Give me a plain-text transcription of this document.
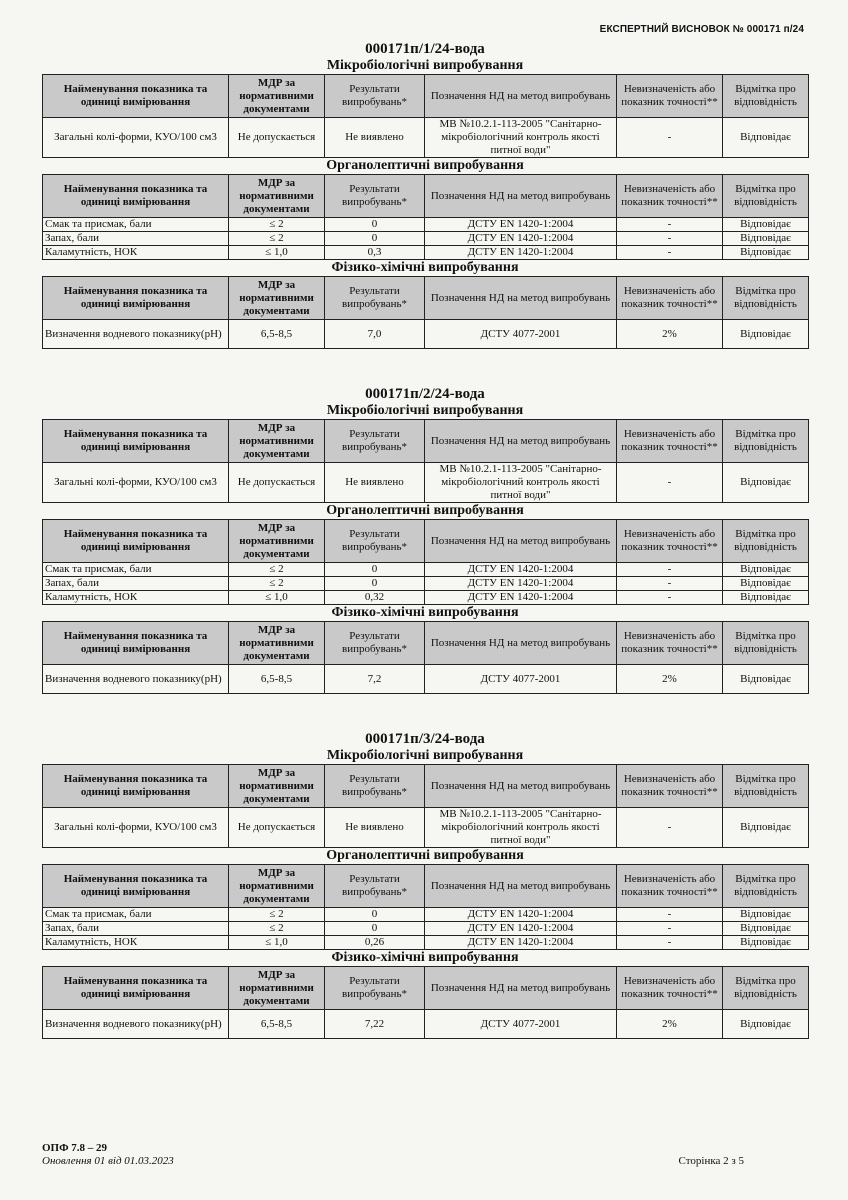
ЕКСПЕРТНИЙ ВИСНОВОК № 000171 п/24
000171п/1/24-вода
Мікробіологічні випробування
Найменування показника та одиниці вимірювання	МДР за нормативними документами	Результати випробувань*	Позначення НД на метод випробувань	Невизначеність або показник точності**	Відмітка про відповідність
Загальні колі-форми, КУО/100 см3	Не допускається	Не виявлено	МВ №10.2.1-113-2005 "Санітарно-мікробіологічний контроль якості питної води"	-	Відповідає
Органолептичні випробування
Найменування показника та одиниці вимірювання	МДР за нормативними документами	Результати випробувань*	Позначення НД на метод випробувань	Невизначеність або показник точності**	Відмітка про відповідність
Смак та присмак, бали	≤ 2	0	ДСТУ EN 1420-1:2004	-	Відповідає
Запах, бали	≤ 2	0	ДСТУ EN 1420-1:2004	-	Відповідає
Каламутність, НОК	≤ 1,0	0,3	ДСТУ EN 1420-1:2004	-	Відповідає
Фізико-хімічні випробування
Найменування показника та одиниці вимірювання	МДР за нормативними документами	Результати випробувань*	Позначення НД на метод випробувань	Невизначеність або показник точності**	Відмітка про відповідність
Визначення водневого показнику(pH)	6,5-8,5	7,0	ДСТУ 4077-2001	2%	Відповідає
000171п/2/24-вода
Мікробіологічні випробування
Найменування показника та одиниці вимірювання	МДР за нормативними документами	Результати випробувань*	Позначення НД на метод випробувань	Невизначеність або показник точності**	Відмітка про відповідність
Загальні колі-форми, КУО/100 см3	Не допускається	Не виявлено	МВ №10.2.1-113-2005 "Санітарно-мікробіологічний контроль якості питної води"	-	Відповідає
Органолептичні випробування
Найменування показника та одиниці вимірювання	МДР за нормативними документами	Результати випробувань*	Позначення НД на метод випробувань	Невизначеність або показник точності**	Відмітка про відповідність
Смак та присмак, бали	≤ 2	0	ДСТУ EN 1420-1:2004	-	Відповідає
Запах, бали	≤ 2	0	ДСТУ EN 1420-1:2004	-	Відповідає
Каламутність, НОК	≤ 1,0	0,32	ДСТУ EN 1420-1:2004	-	Відповідає
Фізико-хімічні випробування
Найменування показника та одиниці вимірювання	МДР за нормативними документами	Результати випробувань*	Позначення НД на метод випробувань	Невизначеність або показник точності**	Відмітка про відповідність
Визначення водневого показнику(pH)	6,5-8,5	7,2	ДСТУ 4077-2001	2%	Відповідає
000171п/3/24-вода
Мікробіологічні випробування
Найменування показника та одиниці вимірювання	МДР за нормативними документами	Результати випробувань*	Позначення НД на метод випробувань	Невизначеність або показник точності**	Відмітка про відповідність
Загальні колі-форми, КУО/100 см3	Не допускається	Не виявлено	МВ №10.2.1-113-2005 "Санітарно-мікробіологічний контроль якості питної води"	-	Відповідає
Органолептичні випробування
Найменування показника та одиниці вимірювання	МДР за нормативними документами	Результати випробувань*	Позначення НД на метод випробувань	Невизначеність або показник точності**	Відмітка про відповідність
Смак та присмак, бали	≤ 2	0	ДСТУ EN 1420-1:2004	-	Відповідає
Запах, бали	≤ 2	0	ДСТУ EN 1420-1:2004	-	Відповідає
Каламутність, НОК	≤ 1,0	0,26	ДСТУ EN 1420-1:2004	-	Відповідає
Фізико-хімічні випробування
Найменування показника та одиниці вимірювання	МДР за нормативними документами	Результати випробувань*	Позначення НД на метод випробувань	Невизначеність або показник точності**	Відмітка про відповідність
Визначення водневого показнику(pH)	6,5-8,5	7,22	ДСТУ 4077-2001	2%	Відповідає
ОПФ 7.8 – 29
Оновлення 01 від 01.03.2023	Сторінка 2 з 5
